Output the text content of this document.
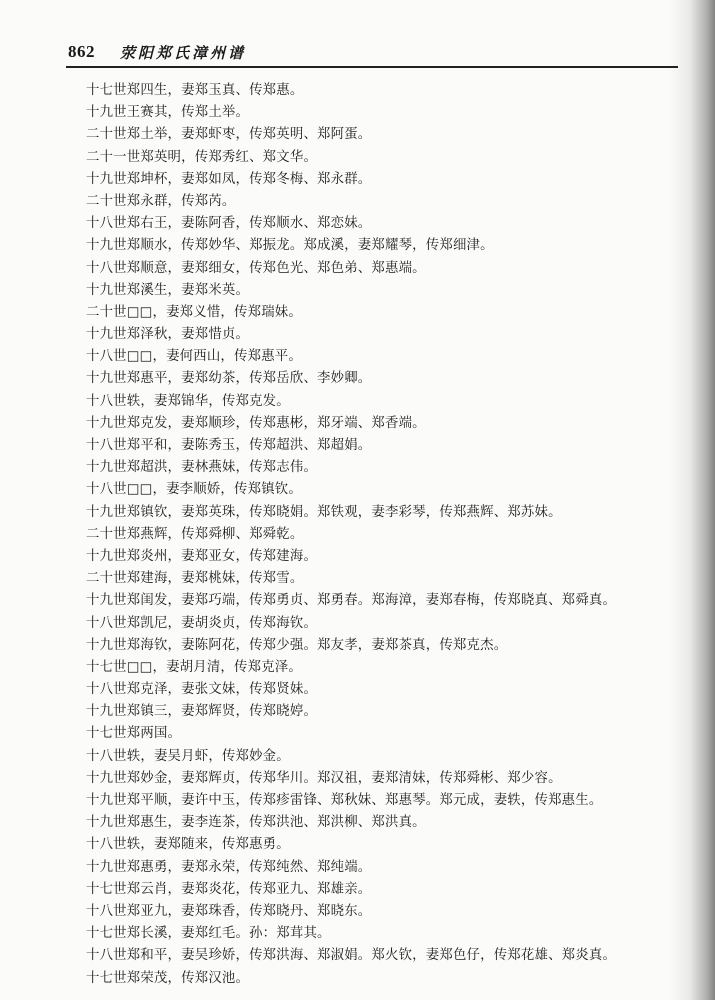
862 荥阳郑氏漳州谱
十七世郑四生，妻郑玉真、传郑惠。
十九世王赛其，传郑土举。
二十世郑土举，妻郑虾枣，传郑英明、郑阿蛋。
二十一世郑英明，传郑秀红、郑文华。
十九世郑坤杯，妻郑如凤，传郑冬梅、郑永群。
二十世郑永群，传郑芮。
十八世郑右王，妻陈阿香，传郑顺水、郑恋妹。
十九世郑顺水，传郑妙华、郑振龙。郑成溪，妻郑耀琴，传郑细津。
十八世郑顺意，妻郑细女，传郑色光、郑色弟、郑惠端。
十九世郑溪生，妻郑米英。
二十世□□，妻郑义惜，传郑瑞妹。
十九世郑泽秋，妻郑惜贞。
十八世□□，妻何西山，传郑惠平。
十九世郑惠平，妻郑幼茶，传郑岳欣、李妙卿。
十八世轶，妻郑锦华，传郑克发。
十九世郑克发，妻郑顺珍，传郑惠彬，郑牙端、郑香端。
十八世郑平和，妻陈秀玉，传郑超洪、郑超娟。
十九世郑超洪，妻林燕妹，传郑志伟。
十八世□□，妻李顺娇，传郑镇钦。
十九世郑镇钦，妻郑英珠，传郑晓娟。郑铁观，妻李彩琴，传郑燕辉、郑苏妹。
二十世郑燕辉，传郑舜柳、郑舜乾。
十九世郑炎州，妻郑亚女，传郑建海。
二十世郑建海，妻郑桃妹，传郑雪。
十九世郑闺发，妻郑巧端，传郑勇贞、郑勇春。郑海漳，妻郑春梅，传郑晓真、郑舜真。
十八世郑凯尼，妻胡炎贞，传郑海钦。
十九世郑海钦，妻陈阿花，传郑少强。郑友孝，妻郑茶真，传郑克杰。
十七世□□，妻胡月清，传郑克泽。
十八世郑克泽，妻张文妹，传郑贤妹。
十九世郑镇三，妻郑辉贤，传郑晓婷。
十七世郑两国。
十八世轶，妻吴月虾，传郑妙金。
十九世郑妙金，妻郑辉贞，传郑华川。郑汉祖，妻郑清妹，传郑舜彬、郑少容。
十九世郑平顺，妻许中玉，传郑疹雷锋、郑秋妹、郑惠琴。郑元成，妻轶，传郑惠生。
十九世郑惠生，妻李连茶，传郑洪池、郑洪柳、郑洪真。
十八世轶，妻郑随来，传郑惠勇。
十九世郑惠勇，妻郑永荣，传郑纯然、郑纯端。
十七世郑云肖，妻郑炎花，传郑亚九、郑雄亲。
十八世郑亚九，妻郑珠香，传郑晓丹、郑晓东。
十七世郑长溪，妻郑红毛。孙：郑茸其。
十八世郑和平，妻吴珍娇，传郑洪海、郑淑娟。郑火钦，妻郑色仔，传郑花雄、郑炎真。
十七世郑荣茂，传郑汉池。
